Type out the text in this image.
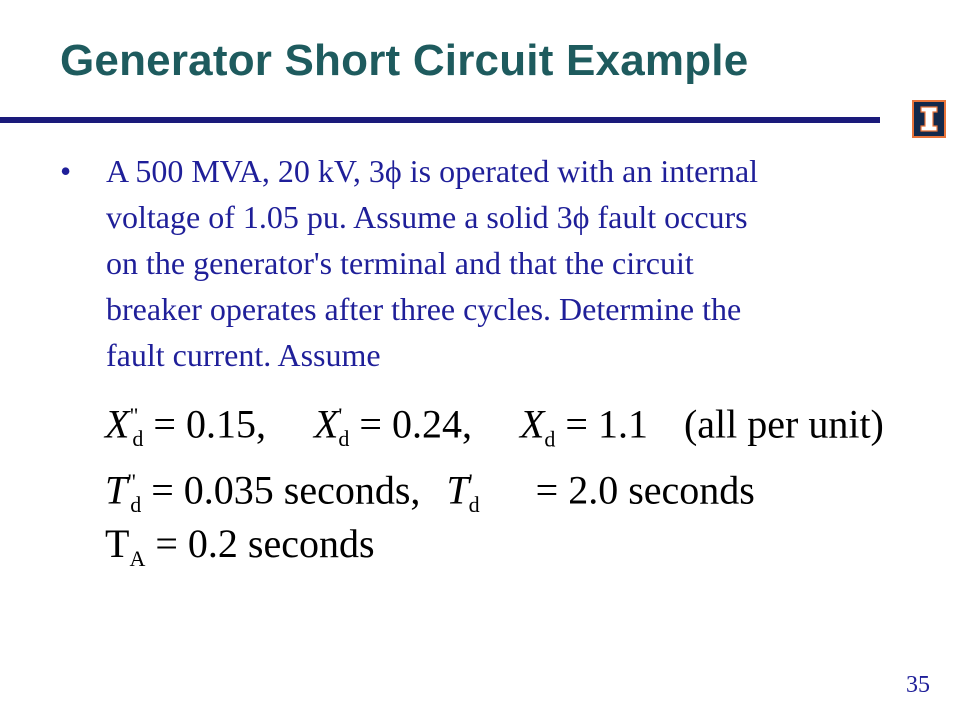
Generator Short Circuit Example
• A 500 MVA, 20 kV, 3ϕ is operated with an internal
voltage of 1.05 pu. Assume a solid 3ϕ fault occurs
on the generator's terminal and that the circuit
breaker operates after three cycles. Determine the
fault current. Assume
$X^"_d = 0.15$, $X'_d = 0.24$, $X_d = 1.1$ (all per unit)
$T^"_d = 0.035$ seconds, $T'_d = 2.0$ seconds
$T_A = 0.2$ seconds
35
